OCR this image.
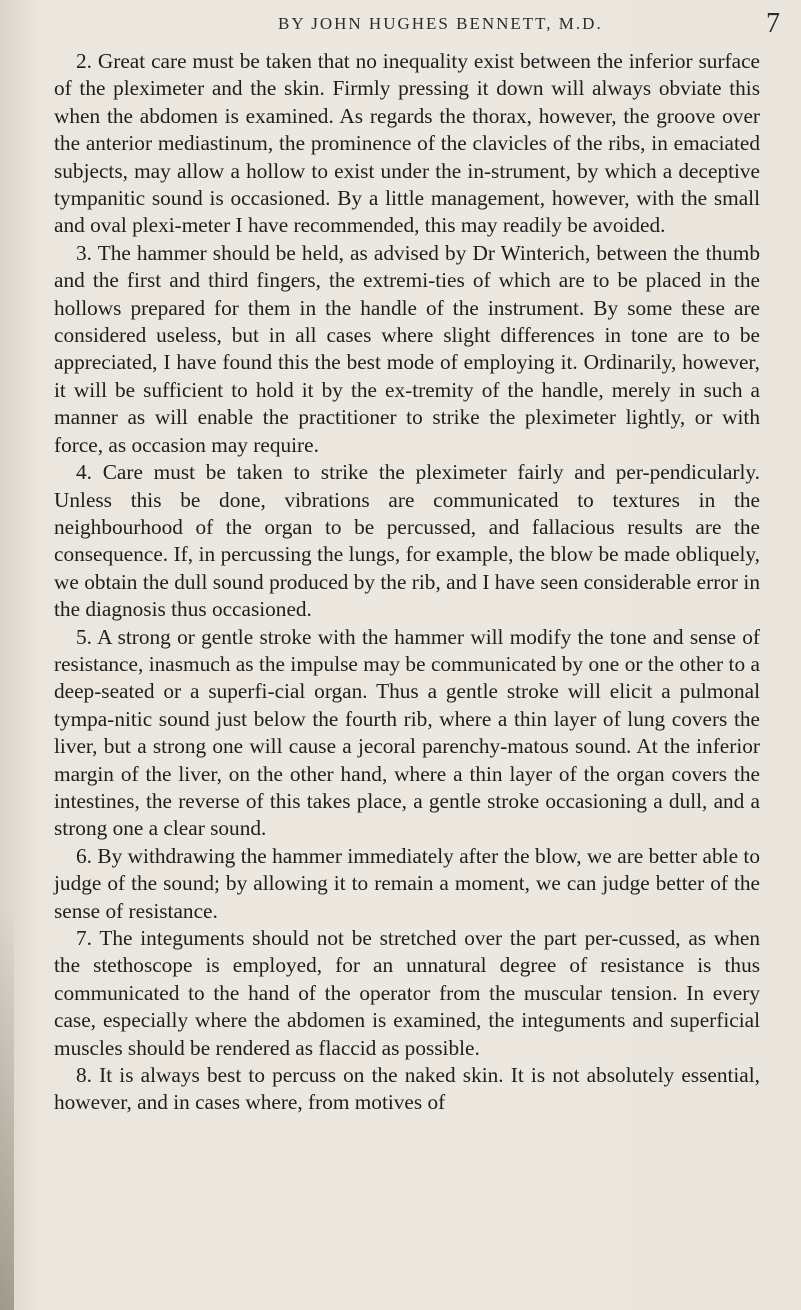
BY JOHN HUGHES BENNETT, M.D.	7

2. Great care must be taken that no inequality exist between the inferior surface of the pleximeter and the skin. Firmly pressing it down will always obviate this when the abdomen is examined. As regards the thorax, however, the groove over the anterior mediastinum, the prominence of the clavicles of the ribs, in emaciated subjects, may allow a hollow to exist under the in-strument, by which a deceptive tympanitic sound is occasioned. By a little management, however, with the small and oval plexi-meter I have recommended, this may readily be avoided.

3. The hammer should be held, as advised by Dr Winterich, between the thumb and the first and third fingers, the extremi-ties of which are to be placed in the hollows prepared for them in the handle of the instrument. By some these are considered useless, but in all cases where slight differences in tone are to be appreciated, I have found this the best mode of employing it. Ordinarily, however, it will be sufficient to hold it by the ex-tremity of the handle, merely in such a manner as will enable the practitioner to strike the pleximeter lightly, or with force, as occasion may require.

4. Care must be taken to strike the pleximeter fairly and per-pendicularly. Unless this be done, vibrations are communicated to textures in the neighbourhood of the organ to be percussed, and fallacious results are the consequence. If, in percussing the lungs, for example, the blow be made obliquely, we obtain the dull sound produced by the rib, and I have seen considerable error in the diagnosis thus occasioned.

5. A strong or gentle stroke with the hammer will modify the tone and sense of resistance, inasmuch as the impulse may be communicated by one or the other to a deep-seated or a superfi-cial organ. Thus a gentle stroke will elicit a pulmonal tympa-nitic sound just below the fourth rib, where a thin layer of lung covers the liver, but a strong one will cause a jecoral parenchy-matous sound. At the inferior margin of the liver, on the other hand, where a thin layer of the organ covers the intestines, the reverse of this takes place, a gentle stroke occasioning a dull, and a strong one a clear sound.

6. By withdrawing the hammer immediately after the blow, we are better able to judge of the sound; by allowing it to remain a moment, we can judge better of the sense of resistance.

7. The integuments should not be stretched over the part per-cussed, as when the stethoscope is employed, for an unnatural degree of resistance is thus communicated to the hand of the operator from the muscular tension. In every case, especially where the abdomen is examined, the integuments and superficial muscles should be rendered as flaccid as possible.

8. It is always best to percuss on the naked skin. It is not absolutely essential, however, and in cases where, from motives of
